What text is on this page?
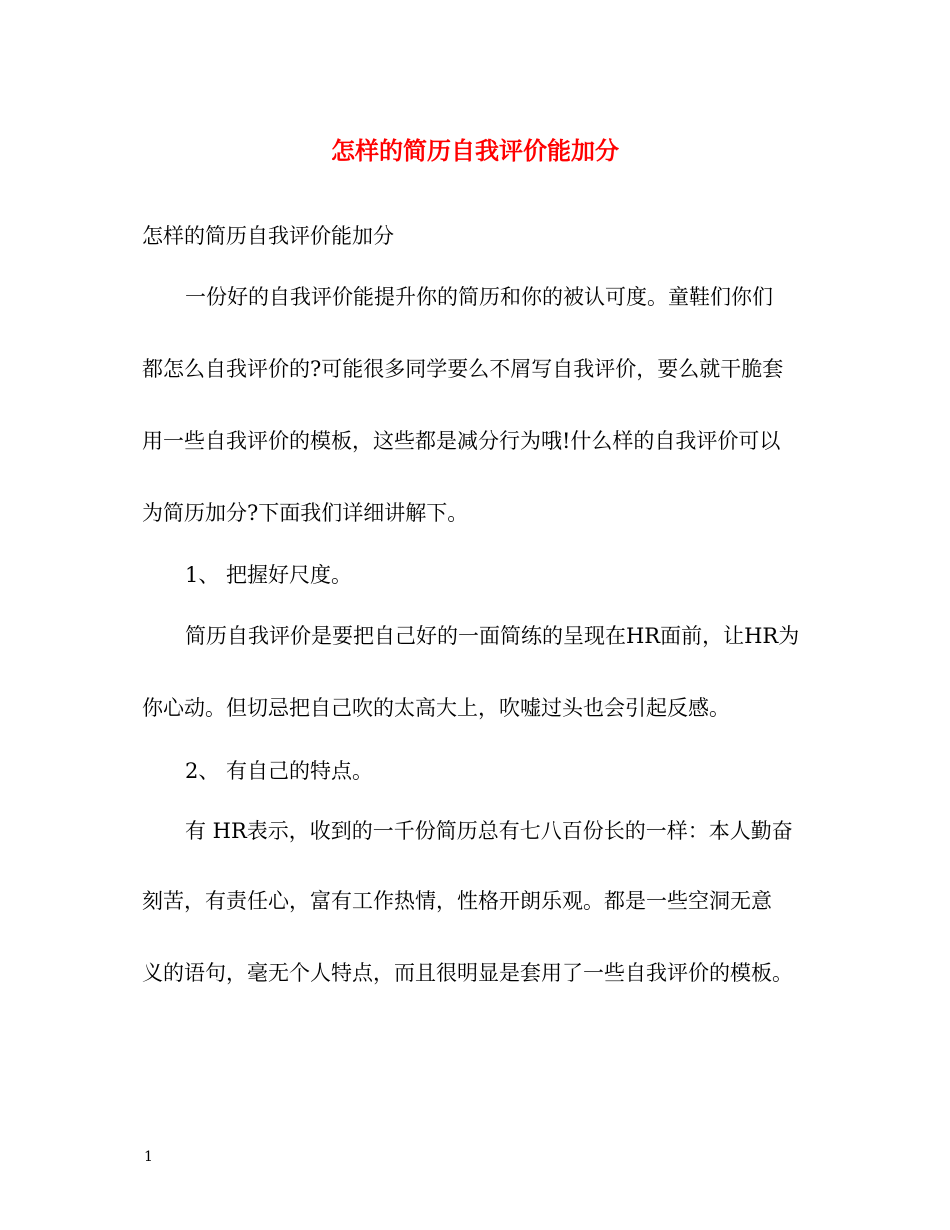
怎样的简历自我评价能加分

怎样的简历自我评价能加分

一份好的自我评价能提升你的简历和你的被认可度。童鞋们你们

都怎么自我评价的?可能很多同学要么不屑写自我评价，要么就干脆套

用一些自我评价的模板，这些都是减分行为哦!什么样的自我评价可以

为简历加分?下面我们详细讲解下。

1、 把握好尺度。

简历自我评价是要把自己好的一面简练的呈现在HR面前，让HR为

你心动。但切忌把自己吹的太高大上，吹嘘过头也会引起反感。

2、 有自己的特点。

有 HR表示，收到的一千份简历总有七八百份长的一样：本人勤奋

刻苦，有责任心，富有工作热情，性格开朗乐观。都是一些空洞无意

义的语句，毫无个人特点，而且很明显是套用了一些自我评价的模板。

1
